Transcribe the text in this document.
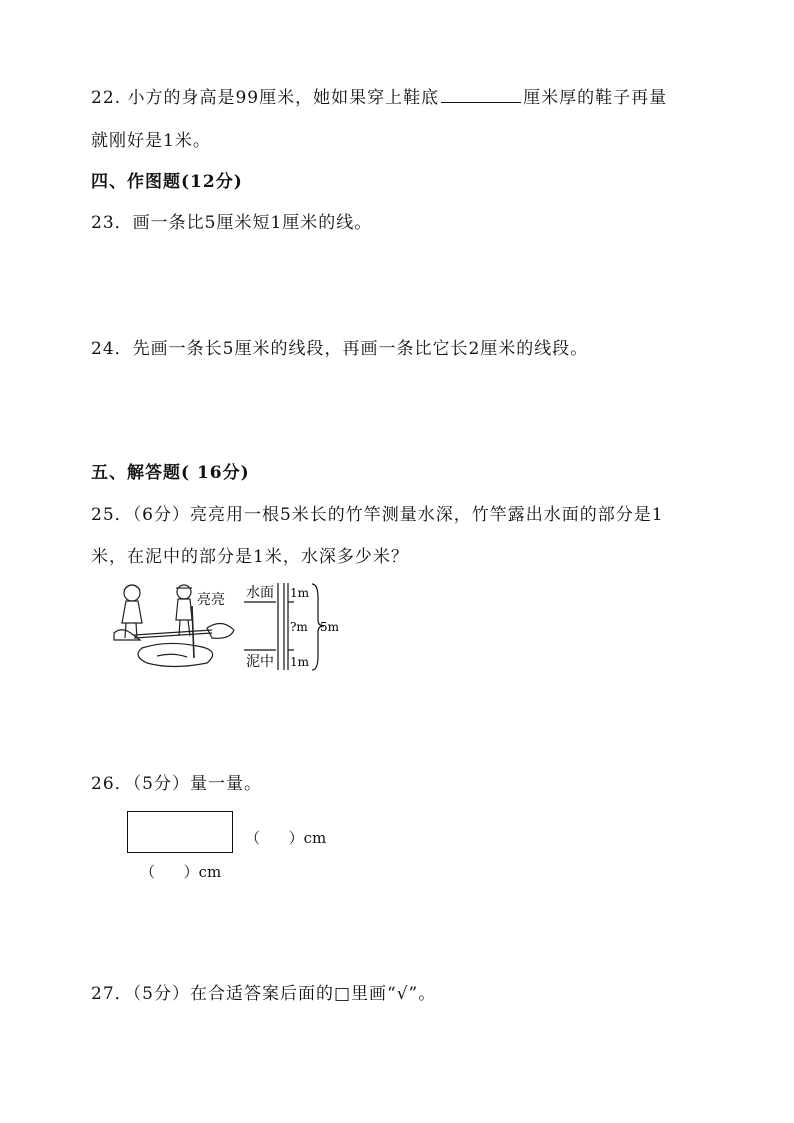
22. 小方的身高是99厘米，她如果穿上鞋底	厘米厚的鞋子再量
就刚好是1米。
四、作图题(12分)
23．画一条比5厘米短1厘米的线。
24．先画一条长5厘米的线段，再画一条比它长2厘米的线段。
五、解答题( 16分)
25．（6分）亮亮用一根5米长的竹竿测量水深，竹竿露出水面的部分是1
米，在泥中的部分是1米，水深多少米？
亮亮 水面
泥中
1m
?m
1m
5m
26．（5分）量一量。
（      ）cm
（      ）cm
27．（5分）在合适答案后面的□里画“√”。
